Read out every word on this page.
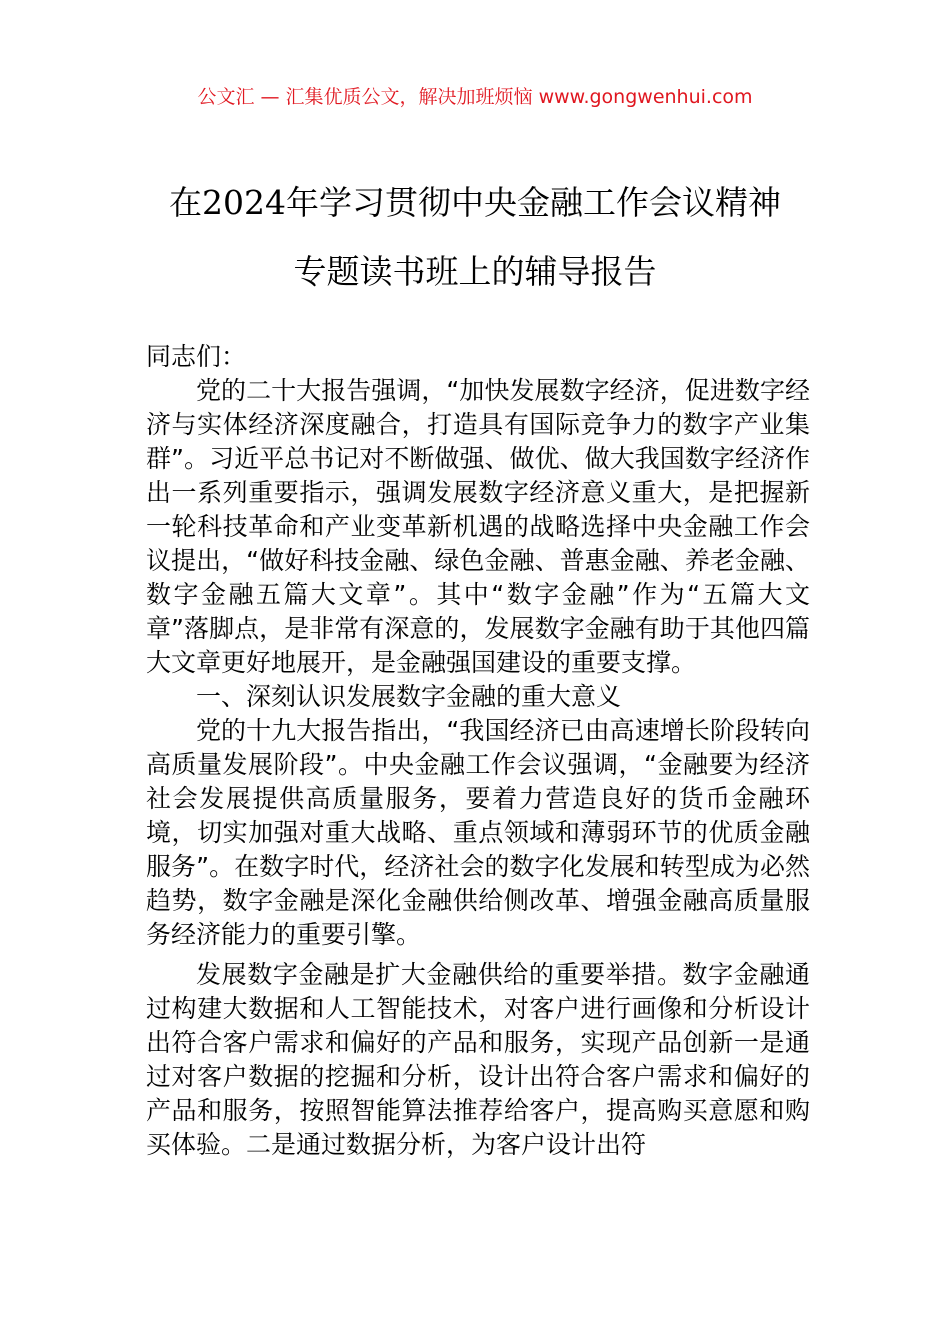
公文汇 — 汇集优质公文，解决加班烦恼 www.gongwenhui.com
在2024年学习贯彻中央金融工作会议精神
专题读书班上的辅导报告

同志们：

党的二十大报告强调，“加快发展数字经济，促进数字经济与实体经济深度融合，打造具有国际竞争力的数字产业集群”。习近平总书记对不断做强、做优、做大我国数字经济作出一系列重要指示，强调发展数字经济意义重大，是把握新一轮科技革命和产业变革新机遇的战略选择中央金融工作会议提出，“做好科技金融、绿色金融、普惠金融、养老金融、数字金融五篇大文章”。其中“数字金融”作为“五篇大文章”落脚点，是非常有深意的，发展数字金融有助于其他四篇大文章更好地展开，是金融强国建设的重要支撑。

一、深刻认识发展数字金融的重大意义

党的十九大报告指出，“我国经济已由高速增长阶段转向高质量发展阶段”。中央金融工作会议强调，“金融要为经济社会发展提供高质量服务，要着力营造良好的货币金融环境，切实加强对重大战略、重点领域和薄弱环节的优质金融服务”。在数字时代，经济社会的数字化发展和转型成为必然趋势，数字金融是深化金融供给侧改革、增强金融高质量服务经济能力的重要引擎。

发展数字金融是扩大金融供给的重要举措。数字金融通过构建大数据和人工智能技术，对客户进行画像和分析设计出符合客户需求和偏好的产品和服务，实现产品创新一是通过对客户数据的挖掘和分析，设计出符合客户需求和偏好的产品和服务，按照智能算法推荐给客户，提高购买意愿和购买体验。二是通过数据分析，为客户设计出符
